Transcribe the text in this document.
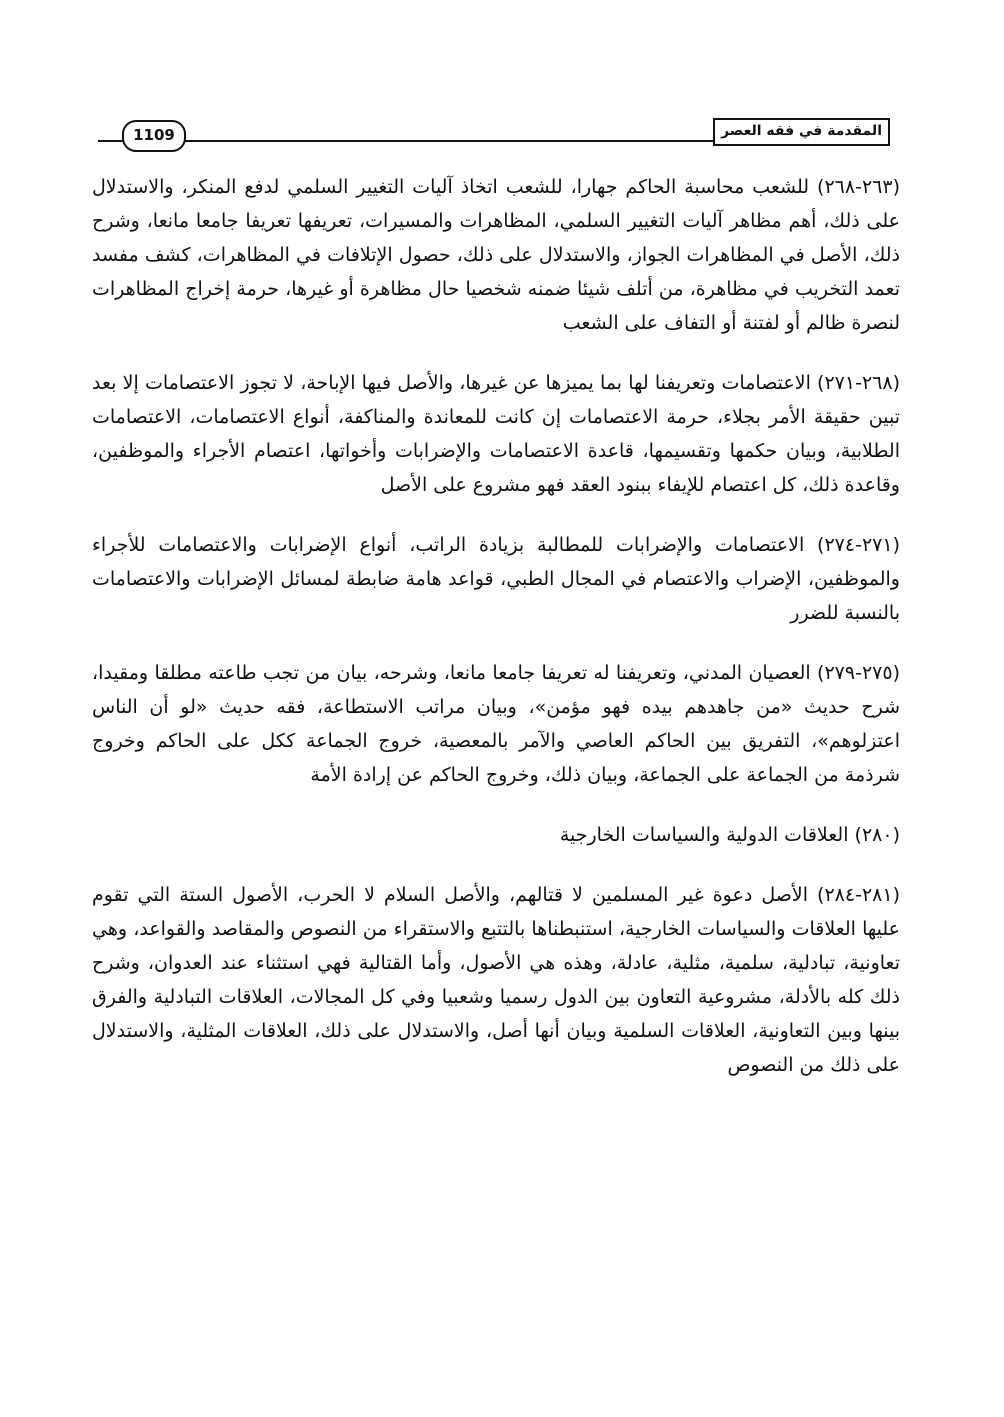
المقدمة في فقه العصر
1109

(٢٦٣-٢٦٨) للشعب محاسبة الحاكم جهارا، للشعب اتخاذ آليات التغيير السلمي لدفع المنكر، والاستدلال على ذلك، أهم مظاهر آليات التغيير السلمي، المظاهرات والمسيرات، تعريفها تعريفا جامعا مانعا، وشرح ذلك، الأصل في المظاهرات الجواز، والاستدلال على ذلك، حصول الإتلافات في المظاهرات، كشف مفسد تعمد التخريب في مظاهرة، من أتلف شيئا ضمنه شخصيا حال مظاهرة أو غيرها، حرمة إخراج المظاهرات لنصرة ظالم أو لفتنة أو التفاف على الشعب

(٢٦٨-٢٧١) الاعتصامات وتعريفنا لها بما يميزها عن غيرها، والأصل فيها الإباحة، لا تجوز الاعتصامات إلا بعد تبين حقيقة الأمر بجلاء، حرمة الاعتصامات إن كانت للمعاندة والمناكفة، أنواع الاعتصامات، الاعتصامات الطلابية، وبيان حكمها وتقسيمها، قاعدة الاعتصامات والإضرابات وأخواتها، اعتصام الأجراء والموظفين، وقاعدة ذلك، كل اعتصام للإيفاء ببنود العقد فهو مشروع على الأصل

(٢٧١-٢٧٤) الاعتصامات والإضرابات للمطالبة بزيادة الراتب، أنواع الإضرابات والاعتصامات للأجراء والموظفين، الإضراب والاعتصام في المجال الطبي، قواعد هامة ضابطة لمسائل الإضرابات والاعتصامات بالنسبة للضرر

(٢٧٥-٢٧٩) العصيان المدني، وتعريفنا له تعريفا جامعا مانعا، وشرحه، بيان من تجب طاعته مطلقا ومقيدا، شرح حديث «من جاهدهم بيده فهو مؤمن»، وبيان مراتب الاستطاعة، فقه حديث «لو أن الناس اعتزلوهم»، التفريق بين الحاكم العاصي والآمر بالمعصية، خروج الجماعة ككل على الحاكم وخروج شرذمة من الجماعة على الجماعة، وبيان ذلك، وخروج الحاكم عن إرادة الأمة

(٢٨٠) العلاقات الدولية والسياسات الخارجية

(٢٨١-٢٨٤) الأصل دعوة غير المسلمين لا قتالهم، والأصل السلام لا الحرب، الأصول الستة التي تقوم عليها العلاقات والسياسات الخارجية، استنبطناها بالتتبع والاستقراء من النصوص والمقاصد والقواعد، وهي تعاونية، تبادلية، سلمية، مثلية، عادلة، وهذه هي الأصول، وأما القتالية فهي استثناء عند العدوان، وشرح ذلك كله بالأدلة، مشروعية التعاون بين الدول رسميا وشعبيا وفي كل المجالات، العلاقات التبادلية والفرق بينها وبين التعاونية، العلاقات السلمية وبيان أنها أصل، والاستدلال على ذلك، العلاقات المثلية، والاستدلال على ذلك من النصوص
